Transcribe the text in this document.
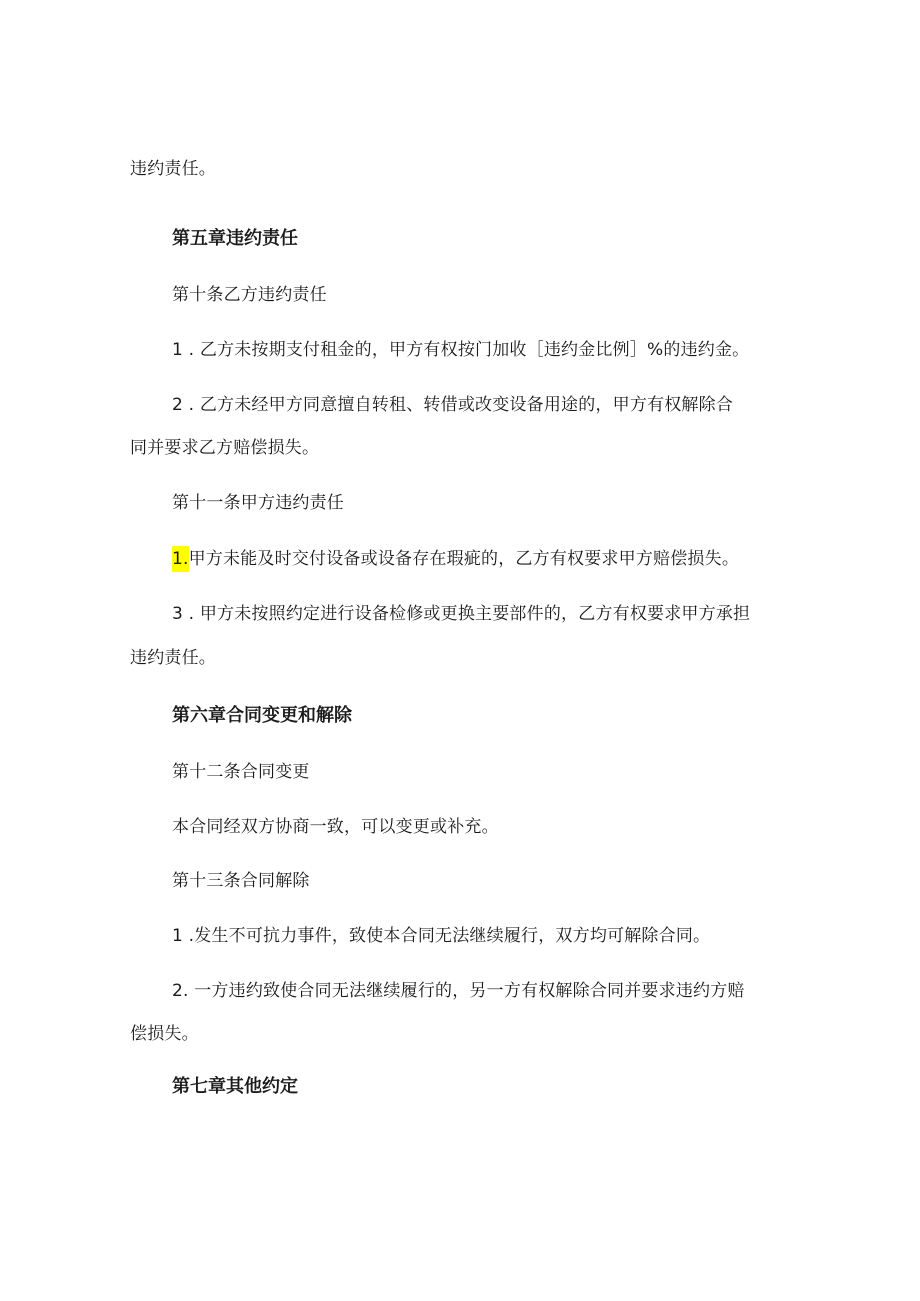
违约责任。
第五章违约责任
第十条乙方违约责任
1 . 乙方未按期支付租金的，甲方有权按门加收［违约金比例］%的违约金。
2 . 乙方未经甲方同意擅自转租、转借或改变设备用途的，甲方有权解除合
同并要求乙方赔偿损失。
第十一条甲方违约责任
1.甲方未能及时交付设备或设备存在瑕疵的，乙方有权要求甲方赔偿损失。
3 . 甲方未按照约定进行设备检修或更换主要部件的，乙方有权要求甲方承担
违约责任。
第六章合同变更和解除
第十二条合同变更
本合同经双方协商一致，可以变更或补充。
第十三条合同解除
1 .发生不可抗力事件，致使本合同无法继续履行，双方均可解除合同。
2. 一方违约致使合同无法继续履行的，另一方有权解除合同并要求违约方赔
偿损失。
第七章其他约定
